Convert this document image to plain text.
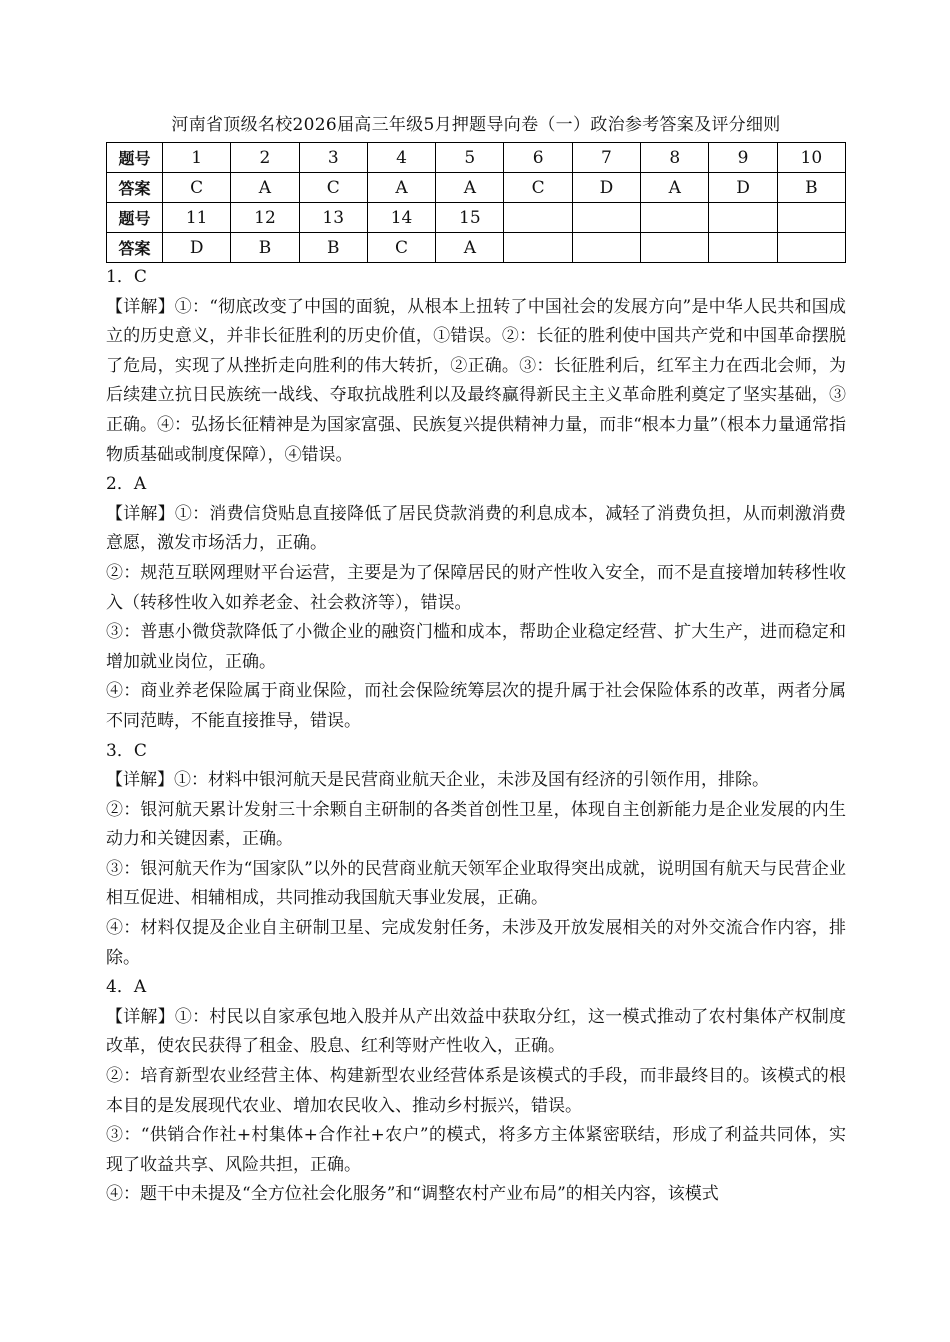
河南省顶级名校2026届高三年级5月押题导向卷（一）政治参考答案及评分细则
题号	1	2	3	4	5	6	7	8	9	10
答案	C	A	C	A	A	C	D	A	D	B
题号	11	12	13	14	15					
答案	D	B	B	C	A					

1．C

【详解】①：“彻底改变了中国的面貌，从根本上扭转了中国社会的发展方向”是中华人民共和国成立的历史意义，并非长征胜利的历史价值，①错误。②：长征的胜利使中国共产党和中国革命摆脱了危局，实现了从挫折走向胜利的伟大转折，②正确。③：长征胜利后，红军主力在西北会师，为后续建立抗日民族统一战线、夺取抗战胜利以及最终赢得新民主主义革命胜利奠定了坚实基础，③正确。④：弘扬长征精神是为国家富强、民族复兴提供精神力量，而非“根本力量”（根本力量通常指物质基础或制度保障），④错误。

2．A

【详解】①：消费信贷贴息直接降低了居民贷款消费的利息成本，减轻了消费负担，从而刺激消费意愿，激发市场活力，正确。

②：规范互联网理财平台运营，主要是为了保障居民的财产性收入安全，而不是直接增加转移性收入（转移性收入如养老金、社会救济等），错误。

③：普惠小微贷款降低了小微企业的融资门槛和成本，帮助企业稳定经营、扩大生产，进而稳定和增加就业岗位，正确。

④：商业养老保险属于商业保险，而社会保险统筹层次的提升属于社会保险体系的改革，两者分属不同范畴，不能直接推导，错误。

3．C

【详解】①：材料中银河航天是民营商业航天企业，未涉及国有经济的引领作用，排除。

②：银河航天累计发射三十余颗自主研制的各类首创性卫星，体现自主创新能力是企业发展的内生动力和关键因素，正确。

③：银河航天作为“国家队”以外的民营商业航天领军企业取得突出成就，说明国有航天与民营企业相互促进、相辅相成，共同推动我国航天事业发展，正确。

④：材料仅提及企业自主研制卫星、完成发射任务，未涉及开放发展相关的对外交流合作内容，排除。

4．A

【详解】①：村民以自家承包地入股并从产出效益中获取分红，这一模式推动了农村集体产权制度改革，使农民获得了租金、股息、红利等财产性收入，正确。

②：培育新型农业经营主体、构建新型农业经营体系是该模式的手段，而非最终目的。该模式的根本目的是发展现代农业、增加农民收入、推动乡村振兴，错误。

③：“供销合作社+村集体+合作社+农户”的模式，将多方主体紧密联结，形成了利益共同体，实现了收益共享、风险共担，正确。

④：题干中未提及“全方位社会化服务”和“调整农村产业布局”的相关内容，该模式
